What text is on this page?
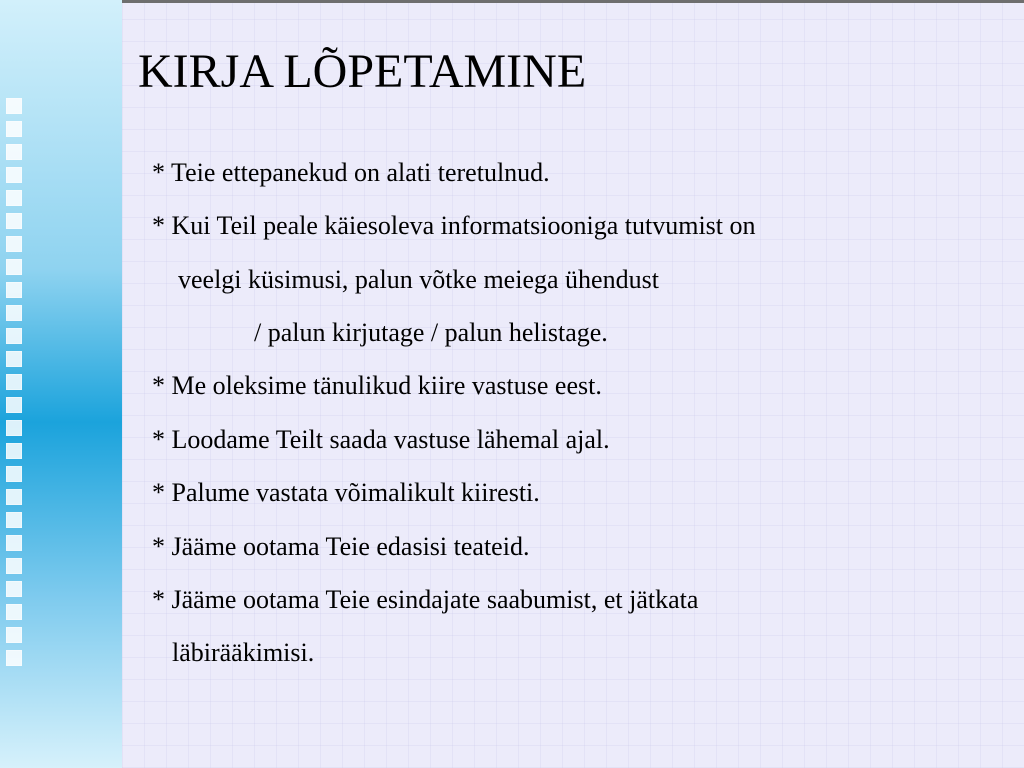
KIRJA LÕPETAMINE
* Teie ettepanekud on alati teretulnud.
* Kui Teil peale käiesoleva informatsiooniga tutvumist on
veelgi küsimusi, palun võtke meiega ühendust
/ palun kirjutage / palun helistage.
* Me oleksime tänulikud kiire vastuse eest.
* Loodame Teilt saada vastuse lähemal ajal.
* Palume vastata võimalikult kiiresti.
* Jääme ootama Teie edasisi teateid.
* Jääme ootama Teie esindajate saabumist, et jätkata
läbirääkimisi.
